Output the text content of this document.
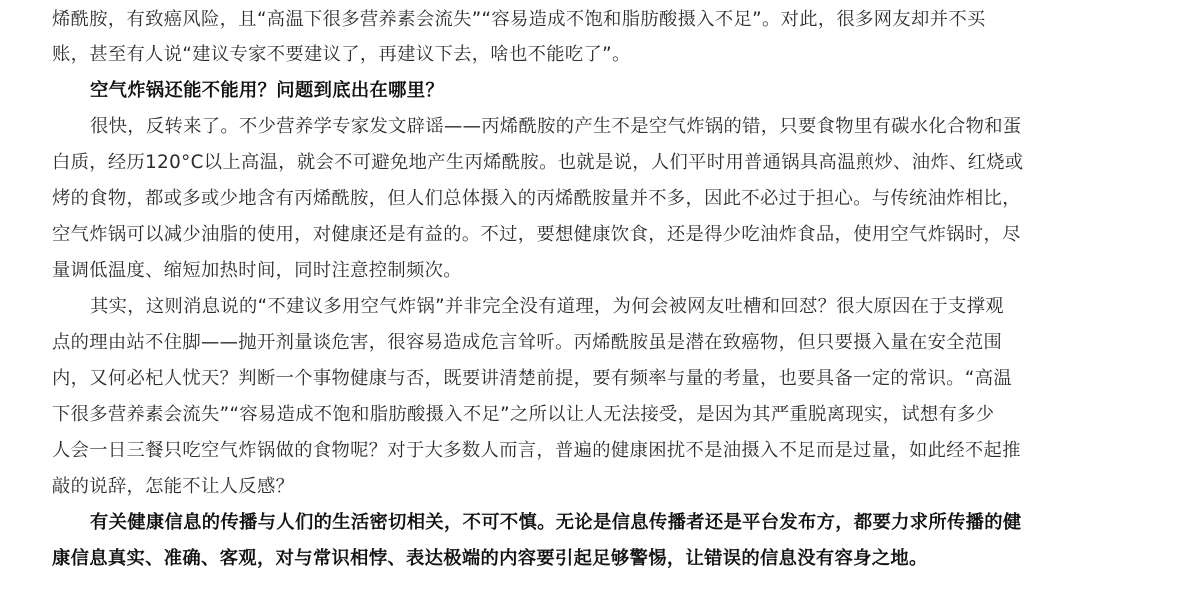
烯酰胺，有致癌风险，且“高温下很多营养素会流失”“容易造成不饱和脂肪酸摄入不足”。对此，很多网友却并不买
账，甚至有人说“建议专家不要建议了，再建议下去，啥也不能吃了”。
空气炸锅还能不能用？问题到底出在哪里？
很快，反转来了。不少营养学专家发文辟谣——丙烯酰胺的产生不是空气炸锅的错，只要食物里有碳水化合物和蛋
白质，经历120°C以上高温，就会不可避免地产生丙烯酰胺。也就是说，人们平时用普通锅具高温煎炒、油炸、红烧或
烤的食物，都或多或少地含有丙烯酰胺，但人们总体摄入的丙烯酰胺量并不多，因此不必过于担心。与传统油炸相比，
空气炸锅可以减少油脂的使用，对健康还是有益的。不过，要想健康饮食，还是得少吃油炸食品，使用空气炸锅时，尽
量调低温度、缩短加热时间，同时注意控制频次。
其实，这则消息说的“不建议多用空气炸锅”并非完全没有道理，为何会被网友吐槽和回怼？很大原因在于支撑观
点的理由站不住脚——抛开剂量谈危害，很容易造成危言耸听。丙烯酰胺虽是潜在致癌物，但只要摄入量在安全范围
内，又何必杞人忧天？判断一个事物健康与否，既要讲清楚前提，要有频率与量的考量，也要具备一定的常识。“高温
下很多营养素会流失”“容易造成不饱和脂肪酸摄入不足”之所以让人无法接受，是因为其严重脱离现实，试想有多少
人会一日三餐只吃空气炸锅做的食物呢？对于大多数人而言，普遍的健康困扰不是油摄入不足而是过量，如此经不起推
敲的说辞，怎能不让人反感？
有关健康信息的传播与人们的生活密切相关，不可不慎。无论是信息传播者还是平台发布方，都要力求所传播的健
康信息真实、准确、客观，对与常识相悖、表达极端的内容要引起足够警惕，让错误的信息没有容身之地。
